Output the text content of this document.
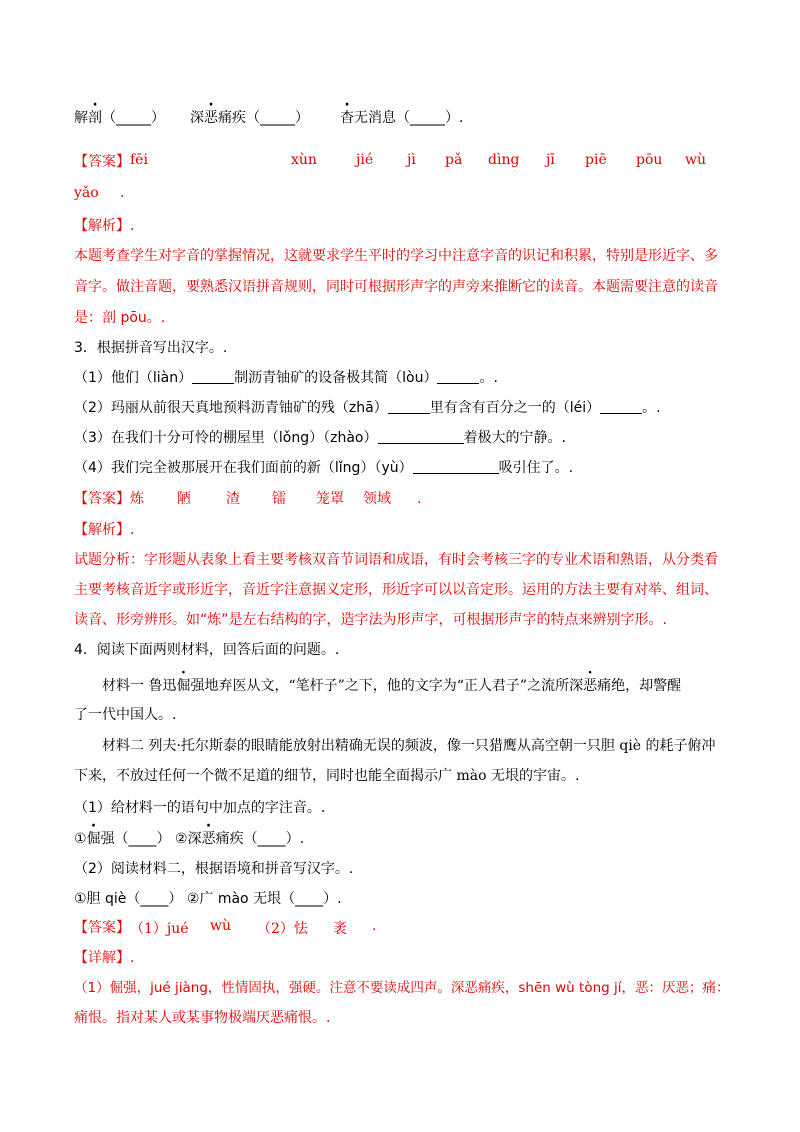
解剖（_____） 深恶痛疾（_____） 杳无消息（_____）.
【答案】 fēi	xùn	jié jì pǎ dìng jī piē pōu wù
yǎo .
【解析】.
本题考查学生对字音的掌握情况，这就要求学生平时的学习中注意字音的识记和积累，特别是形近字、多
音字。做注音题，要熟悉汉语拼音规则，同时可根据形声字的声旁来推断它的读音。本题需要注意的读音
是：剖 pōu。.
3．根据拼音写出汉字。.
（1）他们（liàn）	制沥青铀矿的设备极其简（lòu）	。.
（2）玛丽从前很天真地预料沥青铀矿的残（zhā）	里有含有百分之一的（léi）	。.
（3）在我们十分可怜的棚屋里（lǒng）（zhào）	着极大的宁静。.
（4）我们完全被那展开在我们面前的新（lǐng）（yù）	吸引住了。.
【答案】 炼 陋	渣 镭 笼罩 领域 .
【解析】.
试题分析：字形题从表象上看主要考核双音节词语和成语，有时会考核三字的专业术语和熟语，从分类看
主要考核音近字或形近字，音近字注意据义定形，形近字可以以音定形。运用的方法主要有对举、组词、
读音、形旁辨形。如“炼”是左右结构的字，造字法为形声字，可根据形声字的特点来辨别字形。.
4．阅读下面两则材料，回答后面的问题。.
材料一 鲁迅倔强地弃医从文，“笔杆子”之下，他的文字为“正人君子”之流所深恶痛绝，却警醒
了一代中国人。.
材料二 列夫·托尔斯泰的眼睛能放射出精确无误的频波，像一只猎鹰从高空朝一只胆 qiè 的耗子俯冲
下来，不放过任何一个微不足道的细节，同时也能全面揭示广 mào 无垠的宇宙。.
（1）给材料一的语句中加点的字注音。.
①倔强（____） ②深恶痛疾（____）.
（2）阅读材料二，根据语境和拼音写汉字。.
①胆 qiè（____） ②广 mào 无垠（____）.
【答案】 （1）jué wù （2）怯 袤 .
【详解】.
（1）倔强，jué jiàng，性情固执，强硬。注意不要读成四声。深恶痛疾，shēn wù tòng jí，恶：厌恶；痛：
痛恨。指对某人或某事物极端厌恶痛恨。.
